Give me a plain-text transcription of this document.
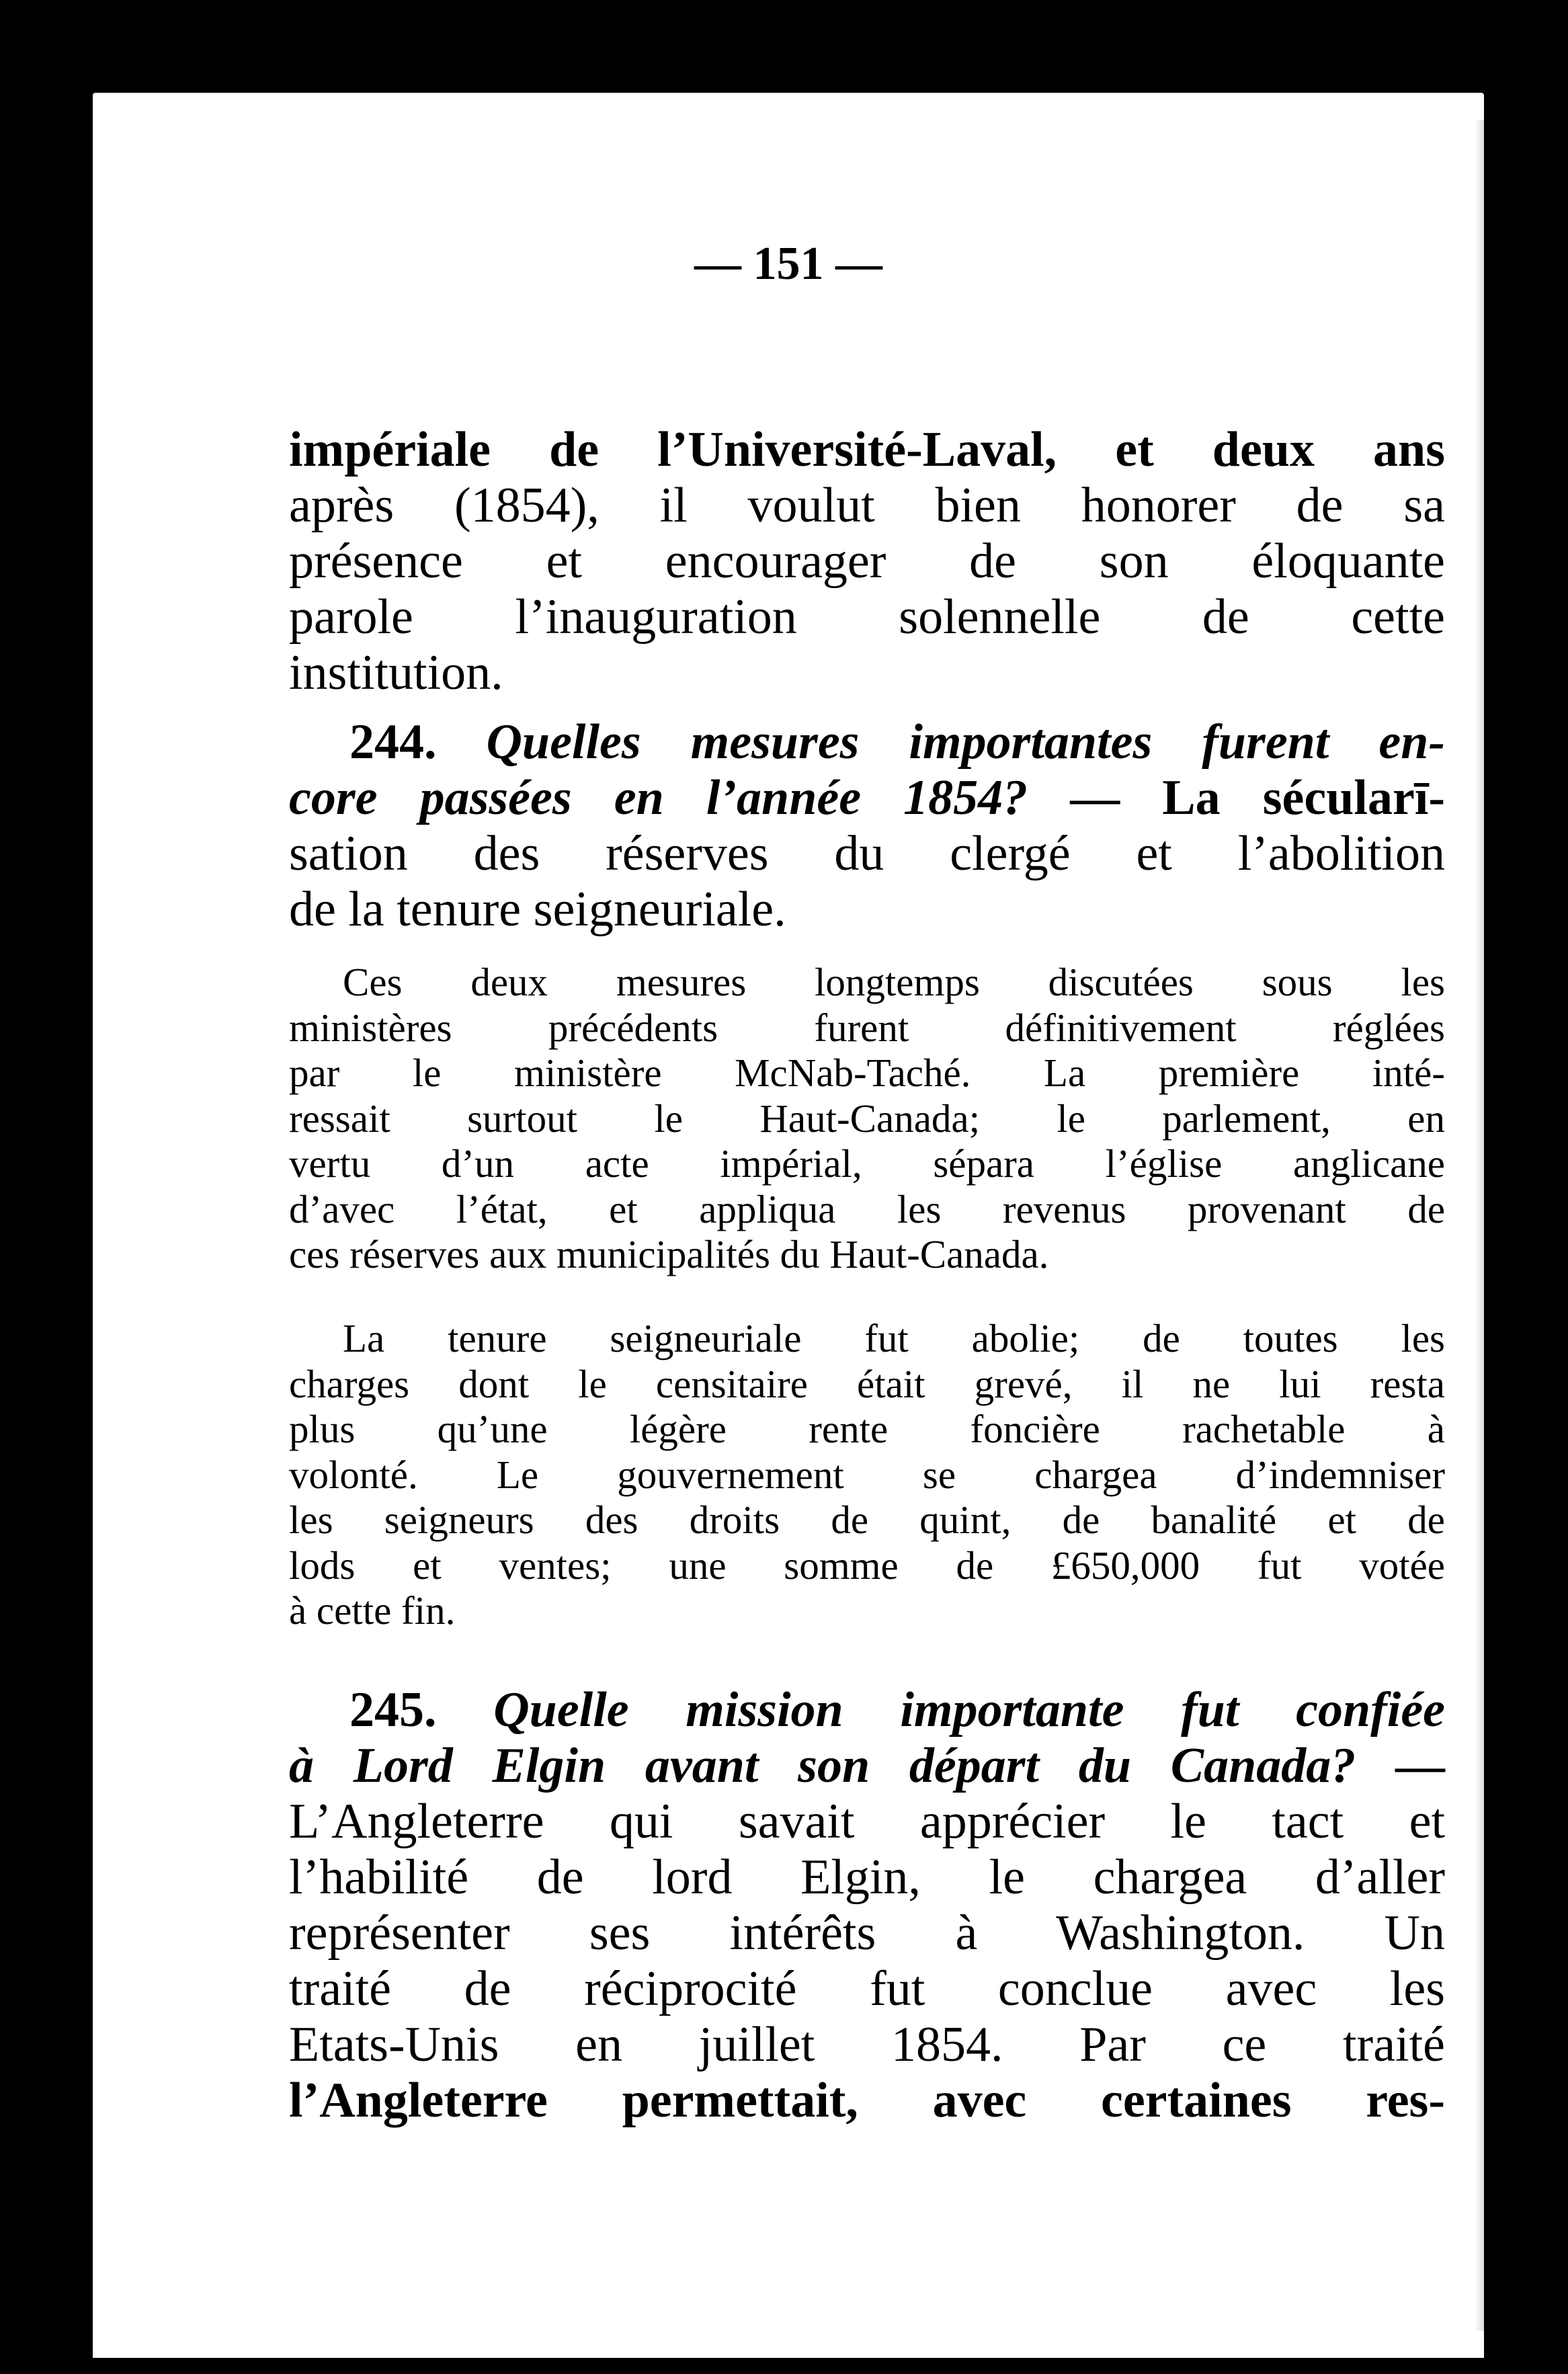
— 151 —
impériale de l’Université-Laval, et deux ans
après (1854), il voulut bien honorer de sa
présence et encourager de son éloquante
parole l’inauguration solennelle de cette
institution.
244. Quelles mesures importantes furent en-
core passées en l’année 1854? — La sécularī-
sation des réserves du clergé et l’abolition
de la tenure seigneuriale.
Ces deux mesures longtemps discutées sous les
ministères précédents furent définitivement réglées
par le ministère McNab-Taché. La première inté-
ressait surtout le Haut-Canada; le parlement, en
vertu d’un acte impérial, sépara l’église anglicane
d’avec l’état, et appliqua les revenus provenant de
ces réserves aux municipalités du Haut-Canada.
La tenure seigneuriale fut abolie; de toutes les
charges dont le censitaire était grevé, il ne lui resta
plus qu’une légère rente foncière rachetable à
volonté. Le gouvernement se chargea d’indemniser
les seigneurs des droits de quint, de banalité et de
lods et ventes; une somme de £650,000 fut votée
à cette fin.
245. Quelle mission importante fut confiée
à Lord Elgin avant son départ du Canada? —
L’Angleterre qui savait apprécier le tact et
l’habilité de lord Elgin, le chargea d’aller
représenter ses intérêts à Washington. Un
traité de réciprocité fut conclue avec les
Etats-Unis en juillet 1854. Par ce traité
l’Angleterre permettait, avec certaines res-
